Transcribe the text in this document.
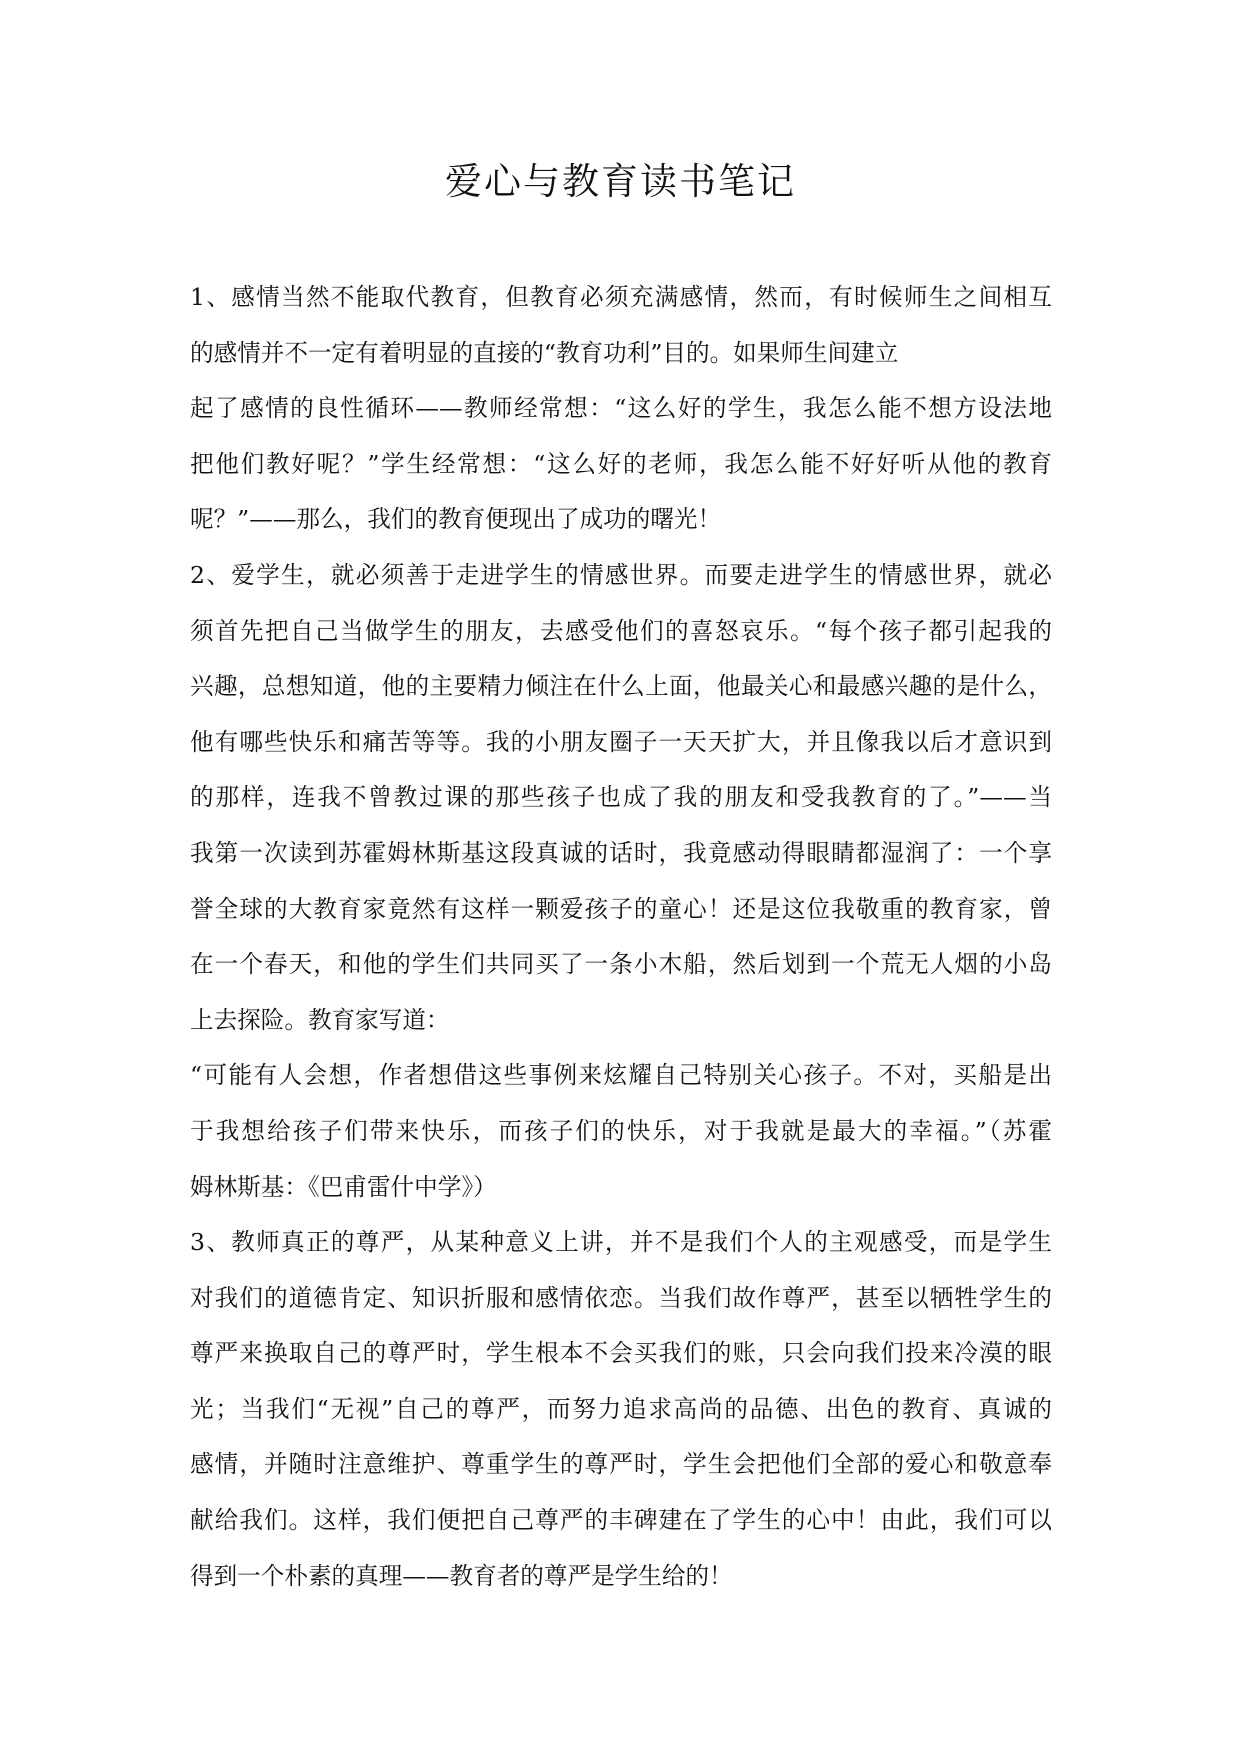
爱心与教育读书笔记
1、感情当然不能取代教育，但教育必须充满感情，然而，有时候师生之间相互
的感情并不一定有着明显的直接的“教育功利”目的。如果师生间建立
起了感情的良性循环——教师经常想：“这么好的学生，我怎么能不想方设法地
把他们教好呢？”学生经常想：“这么好的老师，我怎么能不好好听从他的教育
呢？”——那么，我们的教育便现出了成功的曙光！
2、爱学生，就必须善于走进学生的情感世界。而要走进学生的情感世界，就必
须首先把自己当做学生的朋友，去感受他们的喜怒哀乐。“每个孩子都引起我的
兴趣，总想知道，他的主要精力倾注在什么上面，他最关心和最感兴趣的是什么，
他有哪些快乐和痛苦等等。我的小朋友圈子一天天扩大，并且像我以后才意识到
的那样，连我不曾教过课的那些孩子也成了我的朋友和受我教育的了。”——当
我第一次读到苏霍姆林斯基这段真诚的话时，我竟感动得眼睛都湿润了：一个享
誉全球的大教育家竟然有这样一颗爱孩子的童心！还是这位我敬重的教育家，曾
在一个春天，和他的学生们共同买了一条小木船，然后划到一个荒无人烟的小岛
上去探险。教育家写道：
“可能有人会想，作者想借这些事例来炫耀自己特别关心孩子。不对，买船是出
于我想给孩子们带来快乐，而孩子们的快乐，对于我就是最大的幸福。”（苏霍
姆林斯基：《巴甫雷什中学》）
3、教师真正的尊严，从某种意义上讲，并不是我们个人的主观感受，而是学生
对我们的道德肯定、知识折服和感情依恋。当我们故作尊严，甚至以牺牲学生的
尊严来换取自己的尊严时，学生根本不会买我们的账，只会向我们投来冷漠的眼
光；当我们“无视”自己的尊严，而努力追求高尚的品德、出色的教育、真诚的
感情，并随时注意维护、尊重学生的尊严时，学生会把他们全部的爱心和敬意奉
献给我们。这样，我们便把自己尊严的丰碑建在了学生的心中！由此，我们可以
得到一个朴素的真理——教育者的尊严是学生给的！
